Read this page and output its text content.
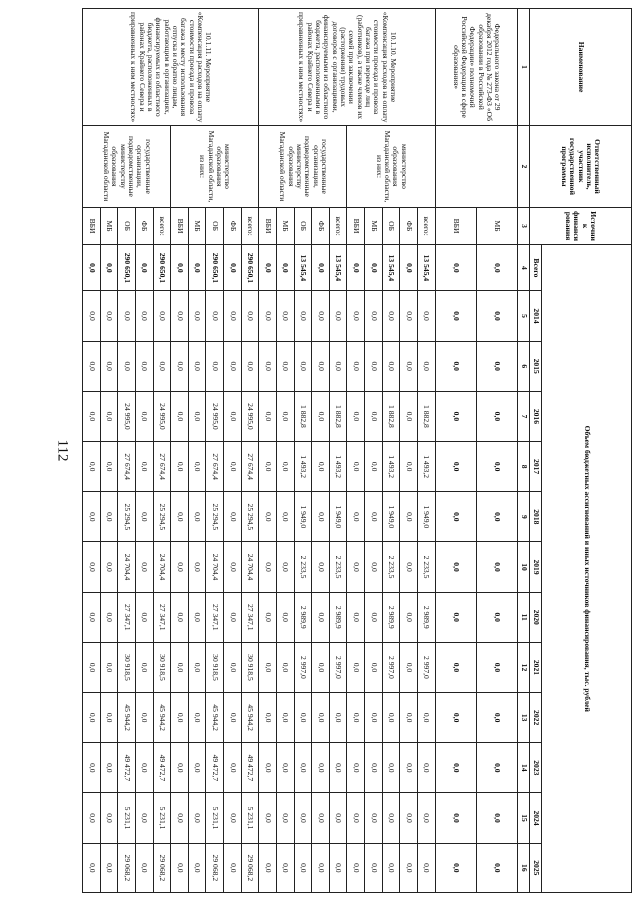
112
Наименование	Ответственный исполнитель, участник государственной программы	Источник финансирования	Объем бюджетных ассигнований и иных источников финансирования, тыс. рублей												
			Всего	2014	2015	2016	2017	2018	2019	2020	2021	2022	2023	2024	2025
1	2	3	4	5	6	7	8	9	10	11	12	13	14	15	16
Федерального закона от 29 декабря 2012 года № 273-ФЗ «Об образовании в Российской Федерации» полномочий Российской Федерации в сфере образования»		МБ	0,0	0,0	0,0	0,0	0,0	0,0	0,0	0,0	0,0	0,0	0,0	0,0	0,0
		ВБИ	0,0	0,0	0,0	0,0	0,0	0,0	0,0	0,0	0,0	0,0	0,0	0,0	0,0
10.1.10. Мероприятие «Компенсация расходов на оплату стоимости проезда и провоза багажа при переезде лиц (работников), а также членов их семей при заключении (расторжении) трудовых договоров с организациями, финансируемыми из областного бюджета, расположенными в районах Крайнего Севера и приравненных к ним местностях»	министерство образования Магаданской области, из них:	всего:	13 545,4	0,0	0,0	1 882,8	1 493,2	1 949,0	2 233,5	2 989,9	2 997,0	0,0	0,0	0,0	0,0
		ФБ	0,0	0,0	0,0	0,0	0,0	0,0	0,0	0,0	0,0	0,0	0,0	0,0	0,0
		ОБ	13 545,4	0,0	0,0	1 882,8	1 493,2	1 949,0	2 233,5	2 989,9	2 997,0	0,0	0,0	0,0	0,0
		МБ	0,0	0,0	0,0	0,0	0,0	0,0	0,0	0,0	0,0	0,0	0,0	0,0	0,0
		ВБИ	0,0	0,0	0,0	0,0	0,0	0,0	0,0	0,0	0,0	0,0	0,0	0,0	0,0
	государственные организации, подведомственные министерству образования Магаданской области	всего:	13 545,4	0,0	0,0	1 882,8	1 493,2	1 949,0	2 233,5	2 989,9	2 997,0	0,0	0,0	0,0	0,0
		ФБ	0,0	0,0	0,0	0,0	0,0	0,0	0,0	0,0	0,0	0,0	0,0	0,0	0,0
		ОБ	13 545,4	0,0	0,0	1 882,8	1 493,2	1 949,0	2 233,5	2 989,9	2 997,0	0,0	0,0	0,0	0,0
		МБ	0,0	0,0	0,0	0,0	0,0	0,0	0,0	0,0	0,0	0,0	0,0	0,0	0,0
		ВБИ	0,0	0,0	0,0	0,0	0,0	0,0	0,0	0,0	0,0	0,0	0,0	0,0	0,0
10.1.11. Мероприятие «Компенсация расходов на оплату стоимости проезда и провоза багажа к месту использования отпуска и обратно лицам, работающим в организациях, финансируемых из областного бюджета, расположенных в районах Крайнего Севера и приравненных к ним местностях»	министерство образования Магаданской области, из них:	всего:	290 650,1	0,0	0,0	24 995,0	27 674,4	25 294,5	24 704,4	27 347,1	30 918,5	45 944,2	49 472,7	5 231,1	29 068,2
		ФБ	0,0	0,0	0,0	0,0	0,0	0,0	0,0	0,0	0,0	0,0	0,0	0,0	0,0
		ОБ	290 650,1	0,0	0,0	24 995,0	27 674,4	25 294,5	24 704,4	27 347,1	30 918,5	45 944,2	49 472,7	5 231,1	29 068,2
		МБ	0,0	0,0	0,0	0,0	0,0	0,0	0,0	0,0	0,0	0,0	0,0	0,0	0,0
		ВБИ	0,0	0,0	0,0	0,0	0,0	0,0	0,0	0,0	0,0	0,0	0,0	0,0	0,0
	государственные организации, подведомственные министерству образования Магаданской области	всего:	290 650,1	0,0	0,0	24 995,0	27 674,4	25 294,5	24 704,4	27 347,1	30 918,5	45 944,2	49 472,7	5 231,1	29 068,2
		ФБ	0,0	0,0	0,0	0,0	0,0	0,0	0,0	0,0	0,0	0,0	0,0	0,0	0,0
		ОБ	290 650,1	0,0	0,0	24 995,0	27 674,4	25 294,5	24 704,4	27 347,1	30 918,5	45 944,2	49 472,7	5 231,1	29 068,2
		МБ	0,0	0,0	0,0	0,0	0,0	0,0	0,0	0,0	0,0	0,0	0,0	0,0	0,0
		ВБИ	0,0	0,0	0,0	0,0	0,0	0,0	0,0	0,0	0,0	0,0	0,0	0,0	0,0
